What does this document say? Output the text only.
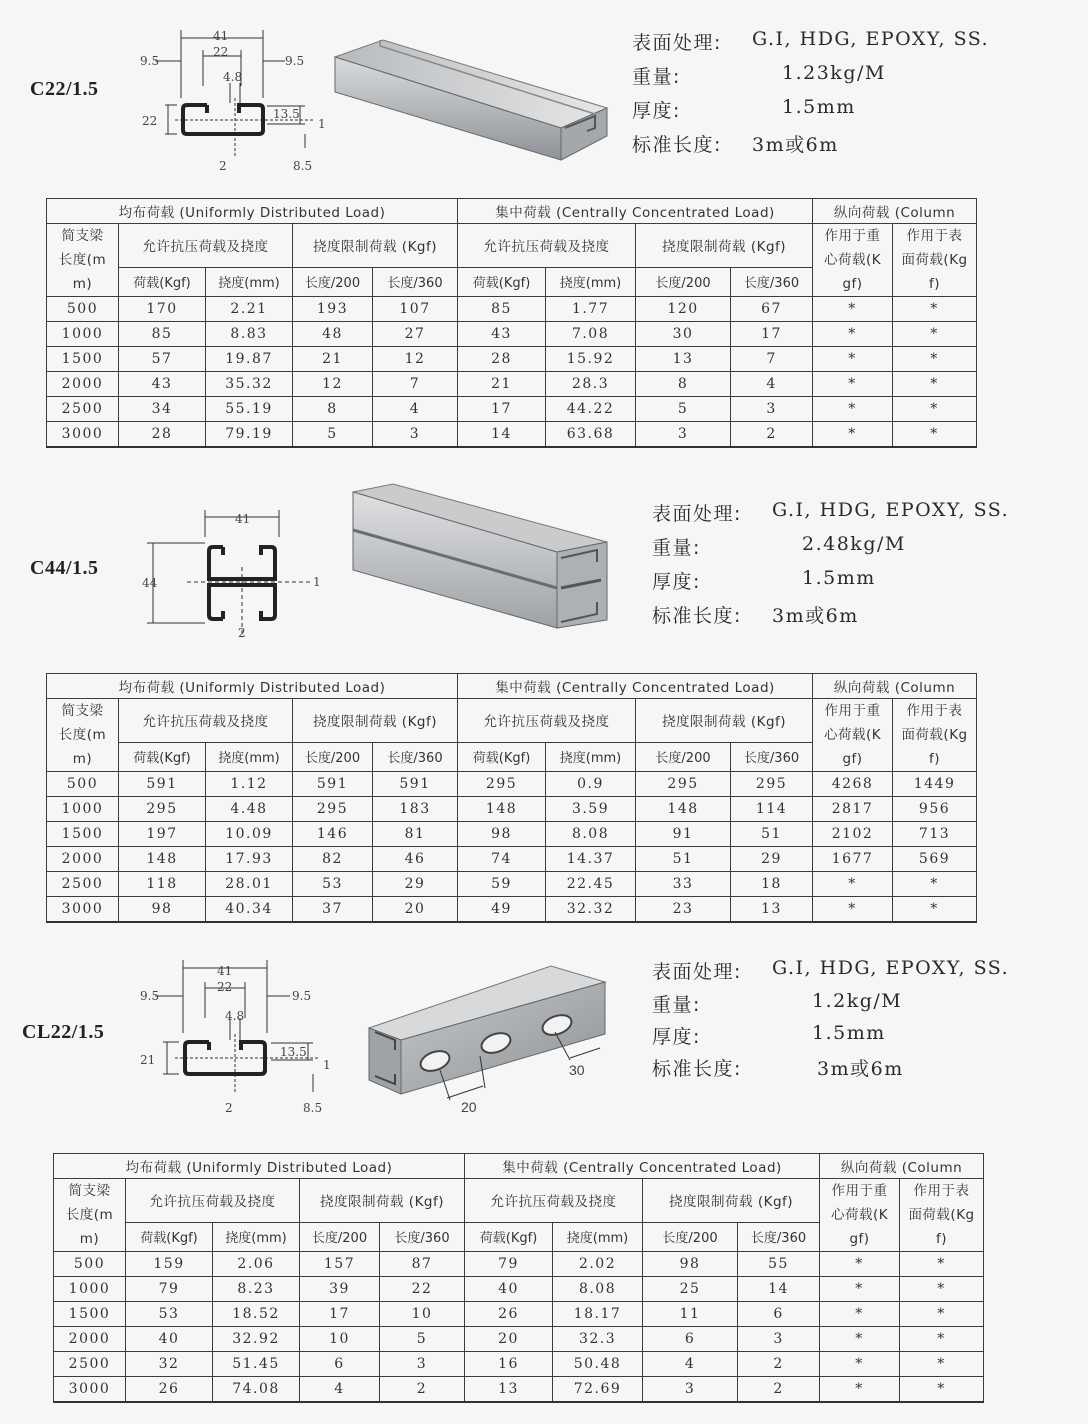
C22/1.5
41
22
9.5	9.5
4.8
22	13.5
1
2	8.5
表面处理: G.I, HDG, EPOXY, SS.
重量:	1.23kg/M
厚度:	1.5mm
标准长度: 3m或6m
均布荷载 (Uniformly Distributed Load)					集中荷载 (Centrally Concentrated Load)				纵向荷载 (Column	
简支梁长度(mm)	允许抗压荷载及挠度		挠度限制荷载 (Kgf)		允许抗压荷载及挠度		挠度限制荷载 (Kgf)		作用于重心荷载(Kgf)	作用于表面荷载(Kgf)
	荷载(Kgf)	挠度(mm)	长度/200	长度/360	荷载(Kgf)	挠度(mm)	长度/200	长度/360		
500	170	2.21	193	107	85	1.77	120	67	*	*
1000	85	8.83	48	27	43	7.08	30	17	*	*
1500	57	19.87	21	12	28	15.92	13	7	*	*
2000	43	35.32	12	7	21	28.3	8	4	*	*
2500	34	55.19	8	4	17	44.22	5	3	*	*
3000	28	79.19	5	3	14	63.68	3	2	*	*
C44/1.5
41
44	1
2
表面处理: G.I, HDG, EPOXY, SS.
重量:	2.48kg/M
厚度:	1.5mm
标准长度: 3m或6m
均布荷载 (Uniformly Distributed Load)					集中荷载 (Centrally Concentrated Load)				纵向荷载 (Column	
简支梁长度(mm)	允许抗压荷载及挠度		挠度限制荷载 (Kgf)		允许抗压荷载及挠度		挠度限制荷载 (Kgf)		作用于重心荷载(Kgf)	作用于表面荷载(Kgf)
	荷载(Kgf)	挠度(mm)	长度/200	长度/360	荷载(Kgf)	挠度(mm)	长度/200	长度/360		
500	591	1.12	591	591	295	0.9	295	295	4268	1449
1000	295	4.48	295	183	148	3.59	148	114	2817	956
1500	197	10.09	146	81	98	8.08	91	51	2102	713
2000	148	17.93	82	46	74	14.37	51	29	1677	569
2500	118	28.01	53	29	59	22.45	33	18	*	*
3000	98	40.34	37	20	49	32.32	23	13	*	*
CL22/1.5
41
22
9.5	9.5
4.8
21
13.5
1
2	8.5	20
30
表面处理: G.I, HDG, EPOXY, SS.
重量:	1.2kg/M
厚度:	1.5mm
标准长度:	3m或6m
均布荷载 (Uniformly Distributed Load)					集中荷载 (Centrally Concentrated Load)				纵向荷载 (Column	
简支梁长度(mm)	允许抗压荷载及挠度		挠度限制荷载 (Kgf)		允许抗压荷载及挠度		挠度限制荷载 (Kgf)		作用于重心荷载(Kgf)	作用于表面荷载(Kgf)
	荷载(Kgf)	挠度(mm)	长度/200	长度/360	荷载(Kgf)	挠度(mm)	长度/200	长度/360		
500	159	2.06	157	87	79	2.02	98	55	*	*
1000	79	8.23	39	22	40	8.08	25	14	*	*
1500	53	18.52	17	10	26	18.17	11	6	*	*
2000	40	32.92	10	5	20	32.3	6	3	*	*
2500	32	51.45	6	3	16	50.48	4	2	*	*
3000	26	74.08	4	2	13	72.69	3	2	*	*
